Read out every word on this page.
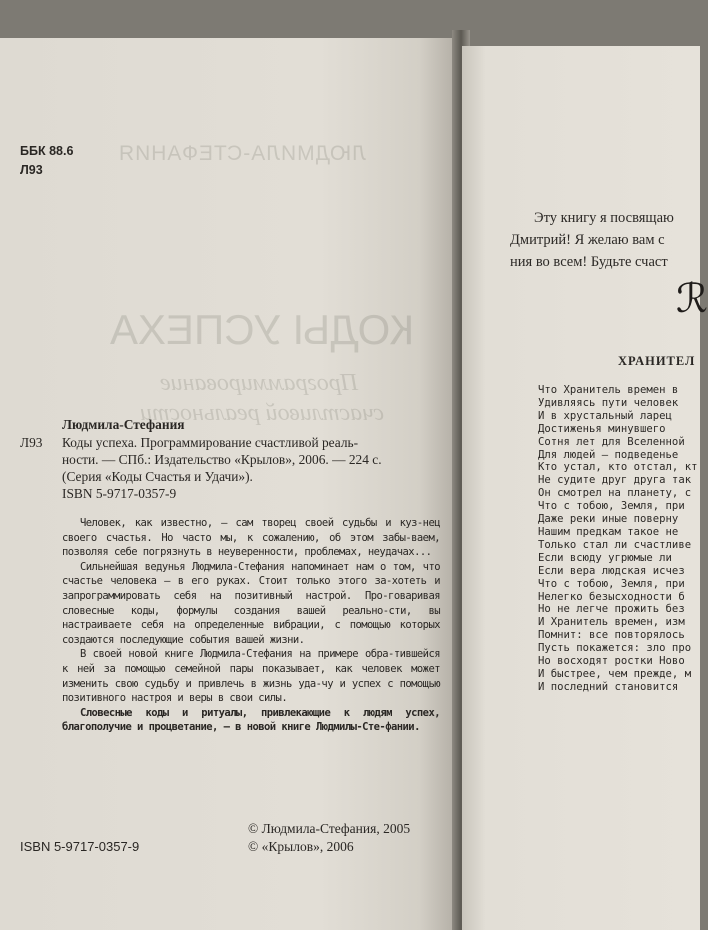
ЛЮДМИЛА-СТЕФАНИЯ
КОДЫ УСПЕХА
Программирование
счастливой реальности
ББК 88.6
Л93
Людмила-Стефания
Л93 Коды успеха. Программирование счастливой реаль-
ности. — СПб.: Издательство «Крылов», 2006. — 224 с.
(Серия «Коды Счастья и Удачи»).
ISBN 5-9717-0357-9

Человек, как известно, — сам творец своей судьбы и куз-нец своего счастья. Но часто мы, к сожалению, об этом забы-ваем, позволяя себе погрязнуть в неуверенности, проблемах, неудачах...

Сильнейшая ведунья Людмила-Стефания напоминает нам о том, что счастье человека — в его руках. Стоит только этого за-хотеть и запрограммировать себя на позитивный настрой. Про-говаривая словесные коды, формулы создания вашей реально-сти, вы настраиваете себя на определенные вибрации, с помощью которых создаются последующие события вашей жизни.

В своей новой книге Людмила-Стефания на примере обра-тившейся к ней за помощью семейной пары показывает, как человек может изменить свою судьбу и привлечь в жизнь уда-чу и успех с помощью позитивного настроя и веры в свои силы.

Словесные коды и ритуалы, привлекающие к людям успех, благополучие и процветание, — в новой книге Людмилы-Сте-фании.

© Людмила-Стефания, 2005
ISBN 5-9717-0357-9	© «Крылов», 2006
Эту книгу я посвящаю
Дмитрий! Я желаю вам с
ния во всем! Будьте счаст
ℛ
ХРАНИТЕЛ
Что Хранитель времен в
Удивляясь пути человек
И в хрустальный ларец
Достиженья минувшего
Сотня лет для Вселенной
Для людей — подведенье
Кто устал, кто отстал, кт
Не судите друг друга так
Он смотрел на планету, с
Что с тобою, Земля, при
Даже реки иные поверну
Нашим предкам такое не
Только стал ли счастливе
Если всюду угрюмые ли
Если вера людская исчез
Что с тобою, Земля, при
Нелегко безысходности б
Но не легче прожить без
И Хранитель времен, изм
Помнит: все повторялось
Пусть покажется: зло про
Но восходят ростки Ново
И быстрее, чем прежде, м
И последний становится
